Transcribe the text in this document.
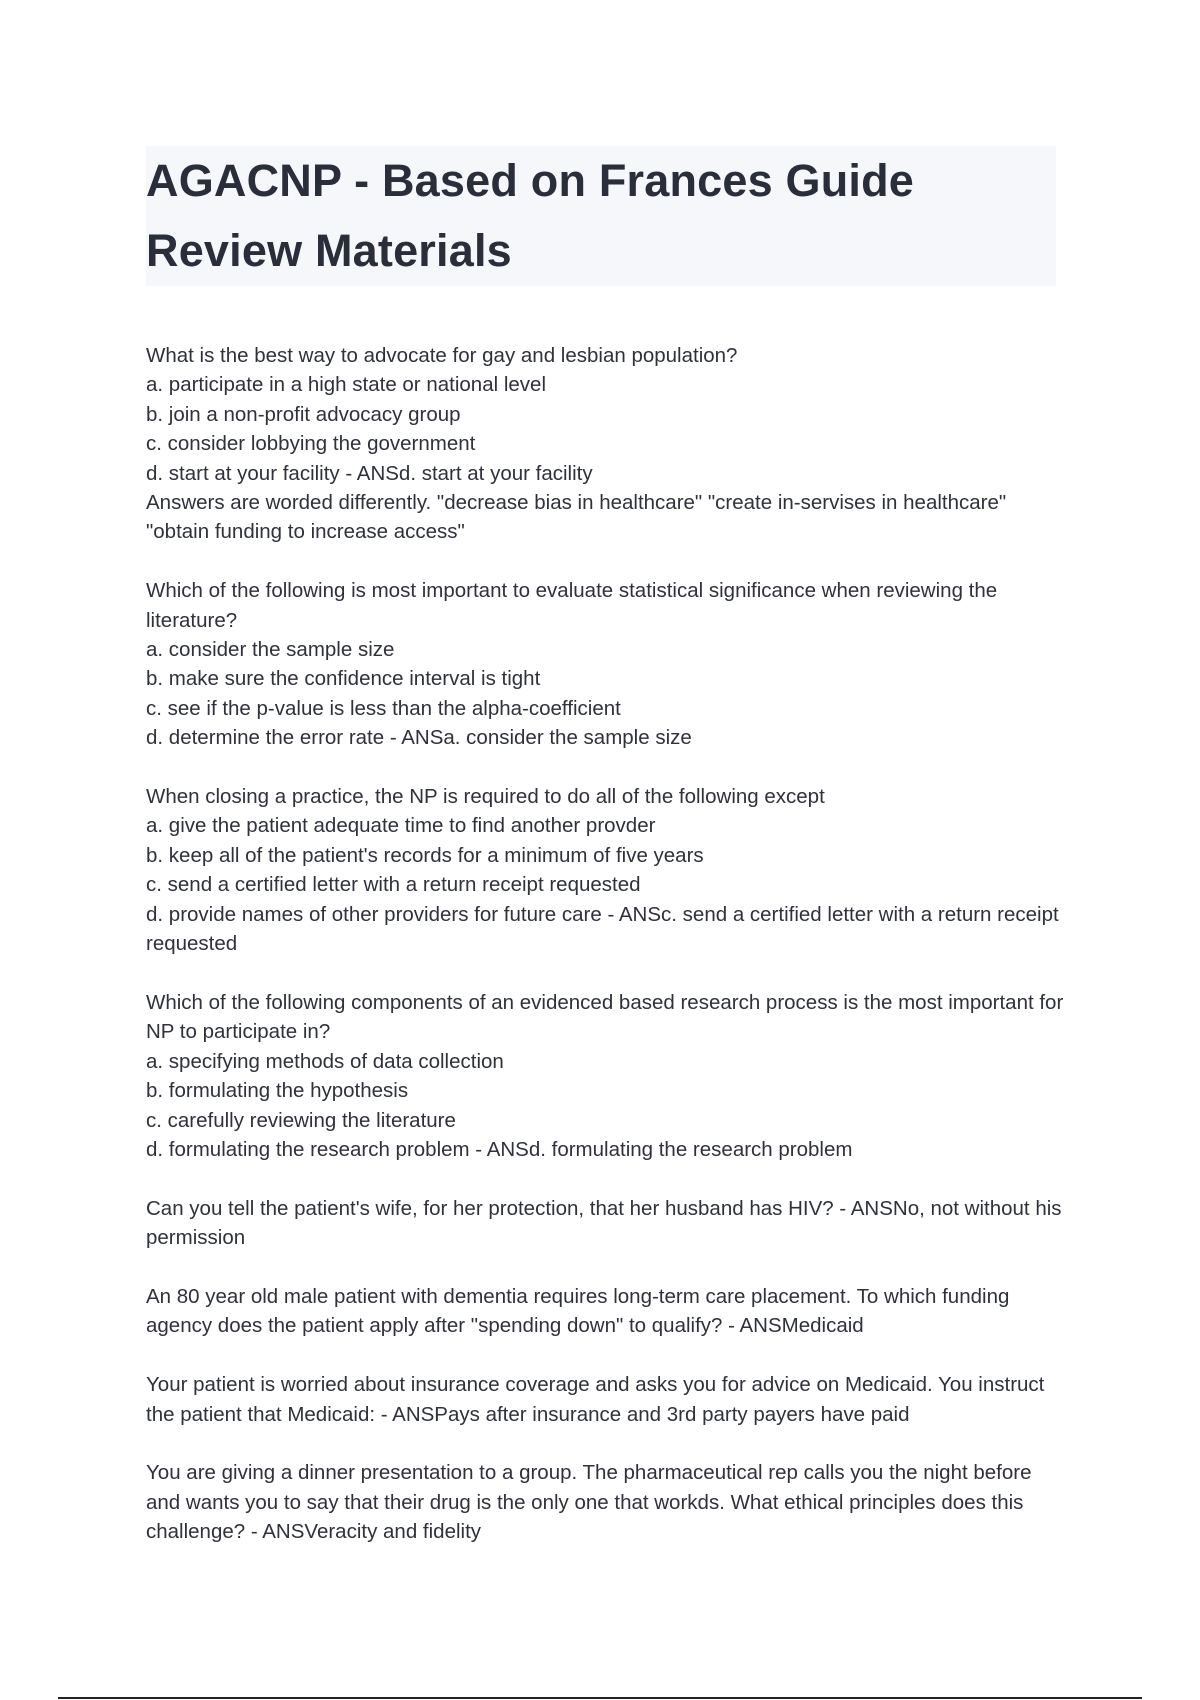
AGACNP - Based on Frances Guide Review Materials

What is the best way to advocate for gay and lesbian population?

a. participate in a high state or national level

b. join a non-profit advocacy group

c. consider lobbying the government

d. start at your facility - ANSd. start at your facility

Answers are worded differently. "decrease bias in healthcare" "create in-servises in healthcare" "obtain funding to increase access"

Which of the following is most important to evaluate statistical significance when reviewing the literature?

a. consider the sample size

b. make sure the confidence interval is tight

c. see if the p-value is less than the alpha-coefficient

d. determine the error rate - ANSa. consider the sample size

When closing a practice, the NP is required to do all of the following except

a. give the patient adequate time to find another provder

b. keep all of the patient's records for a minimum of five years

c. send a certified letter with a return receipt requested

d. provide names of other providers for future care - ANSc. send a certified letter with a return receipt requested

Which of the following components of an evidenced based research process is the most important for NP to participate in?

a. specifying methods of data collection

b. formulating the hypothesis

c. carefully reviewing the literature

d. formulating the research problem - ANSd. formulating the research problem

Can you tell the patient's wife, for her protection, that her husband has HIV? - ANSNo, not without his permission

An 80 year old male patient with dementia requires long-term care placement. To which funding agency does the patient apply after "spending down" to qualify? - ANSMedicaid

Your patient is worried about insurance coverage and asks you for advice on Medicaid. You instruct the patient that Medicaid: - ANSPays after insurance and 3rd party payers have paid

You are giving a dinner presentation to a group. The pharmaceutical rep calls you the night before and wants you to say that their drug is the only one that workds. What ethical principles does this challenge? - ANSVeracity and fidelity
